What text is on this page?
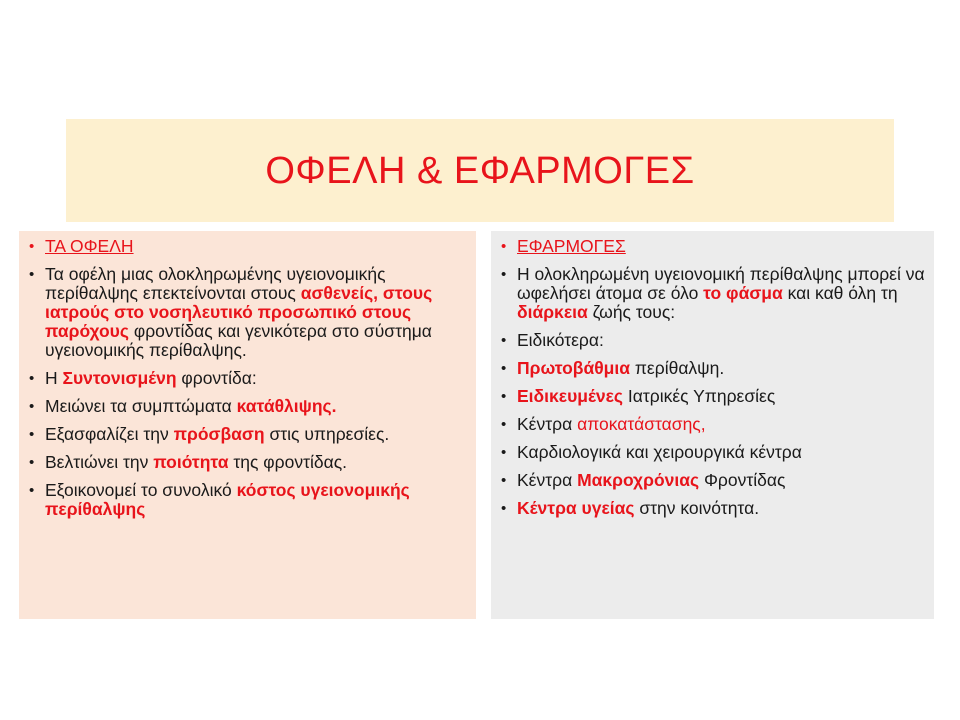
ΟΦΕΛΗ & ΕΦΑΡΜΟΓΕΣ
• ΤΑ ΟΦΕΛΗ
• Τα οφέλη μιας ολοκληρωμένης υγειονομικής περίθαλψης επεκτείνονται στους ασθενείς, στους ιατρούς στο νοσηλευτικό προσωπικό στους παρόχους φροντίδας και γενικότερα στο σύστημα υγειονομικής περίθαλψης.
• Η Συντονισμένη φροντίδα:
• Μειώνει τα συμπτώματα κατάθλιψης.
• Εξασφαλίζει την πρόσβαση στις υπηρεσίες.
• Βελτιώνει την ποιότητα της φροντίδας.
• Εξοικονομεί το συνολικό κόστος υγειονομικής περίθαλψης
• ΕΦΑΡΜΟΓΕΣ
• Η ολοκληρωμένη υγειονομική περίθαλψης μπορεί να ωφελήσει άτομα σε όλο το φάσμα και καθ όλη τη διάρκεια ζωής τους:
• Ειδικότερα:
• Πρωτοβάθμια περίθαλψη.
• Ειδικευμένες Ιατρικές Υπηρεσίες
• Κέντρα αποκατάστασης,
• Καρδιολογικά και χειρουργικά κέντρα
• Κέντρα Μακροχρόνιας Φροντίδας
• Κέντρα υγείας στην κοινότητα.
